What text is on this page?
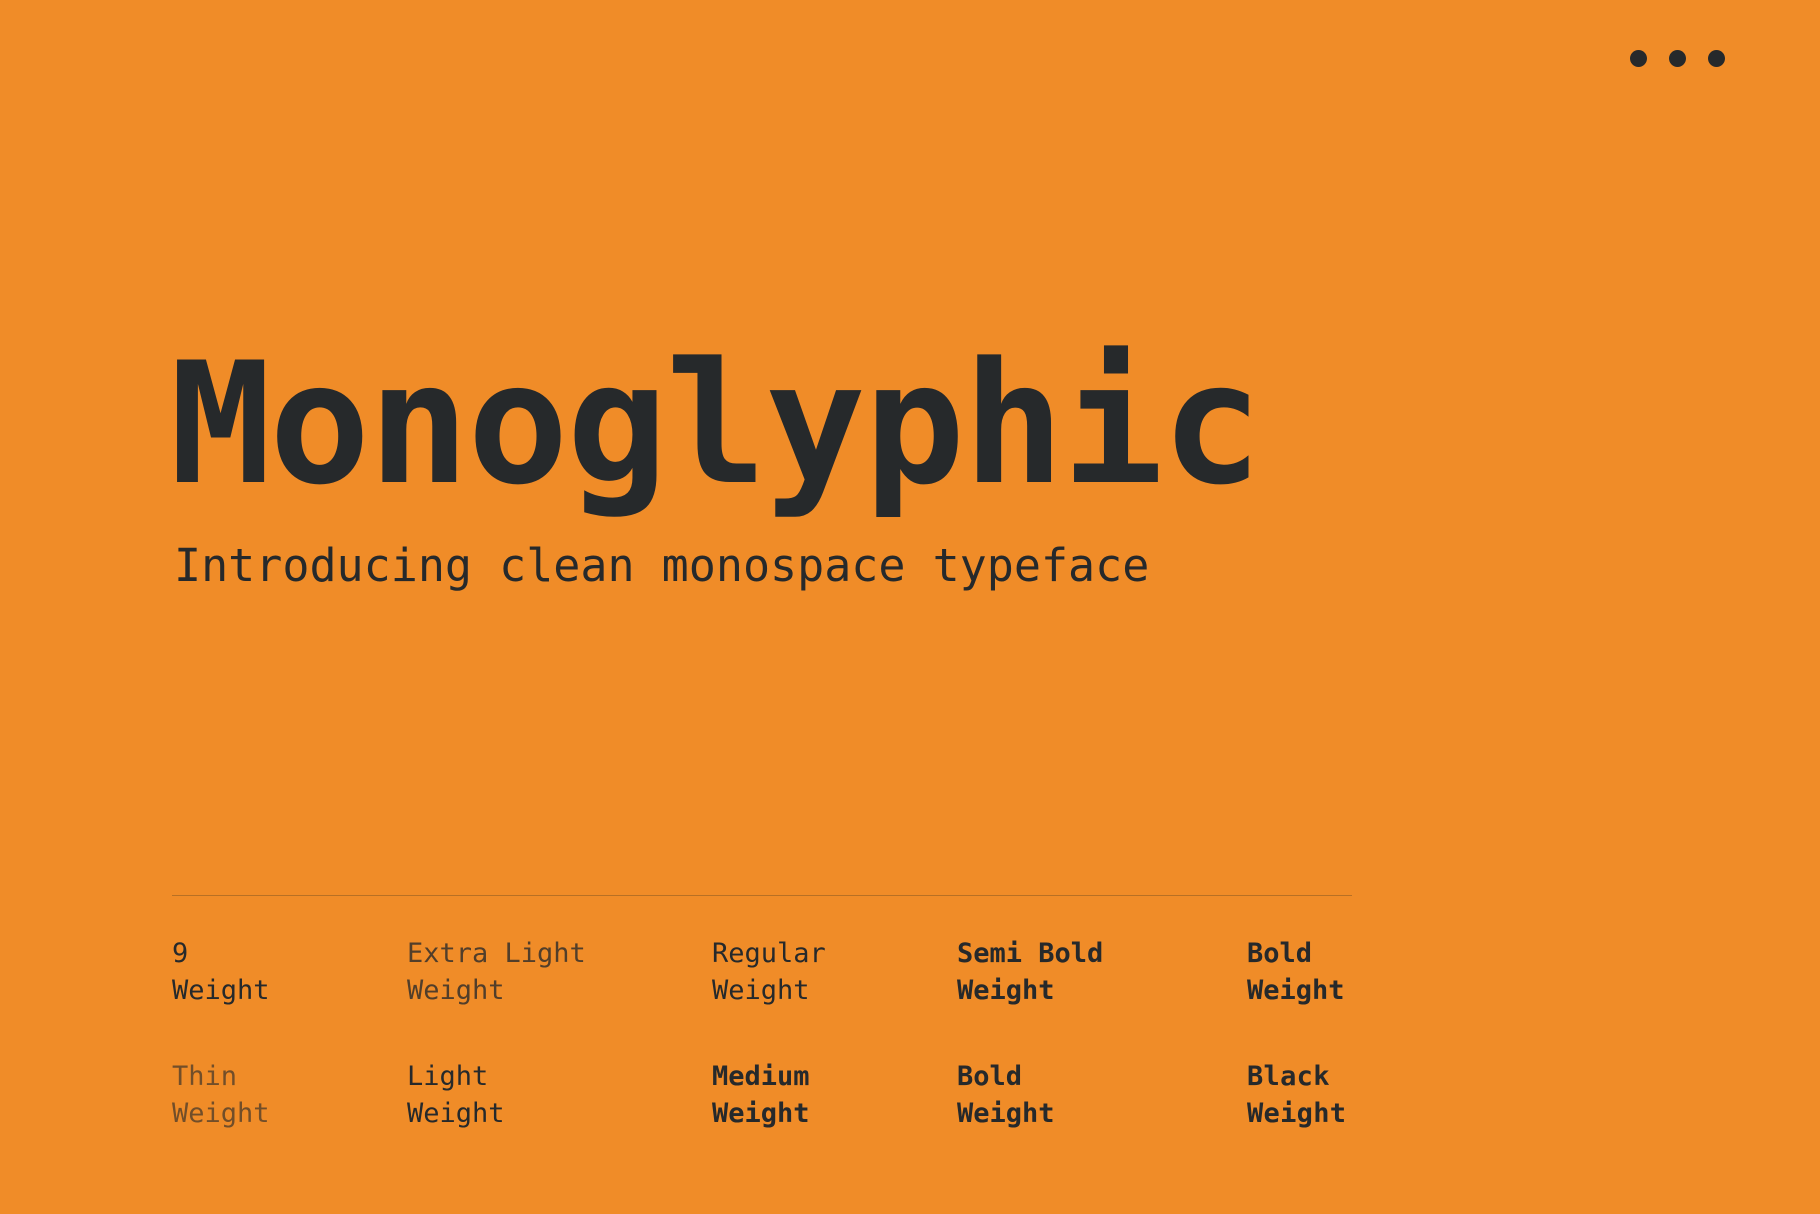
Monoglyphic

Introducing clean monospace typeface

9
Weight
Extra Light
Weight
Regular
Weight
Semi Bold
Weight
Bold
Weight
Thin
Weight
Light
Weight
Medium
Weight
Bold
Weight
Black
Weight
